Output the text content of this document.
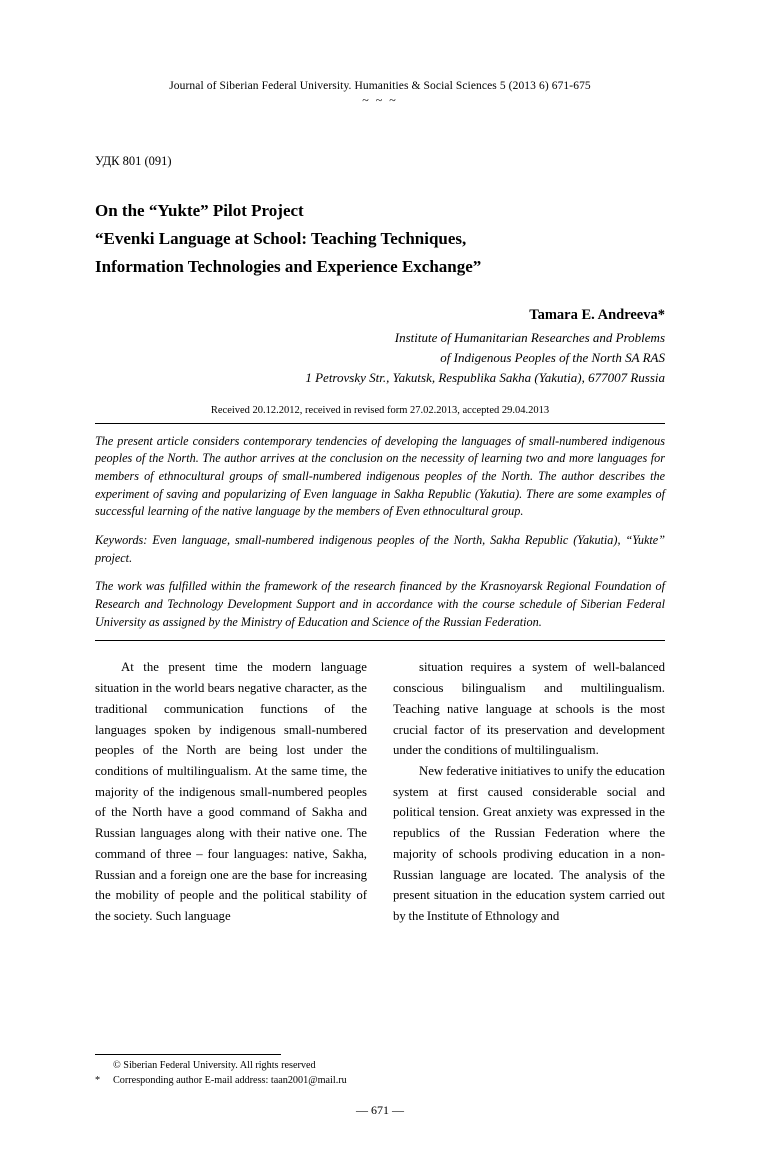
Journal of Siberian Federal University. Humanities & Social Sciences 5 (2013 6) 671-675
~ ~ ~
УДК 801 (091)
On the “Yukte” Pilot Project
“Evenki Language at School: Teaching Techniques,
Information Technologies and Experience Exchange”
Tamara E. Andreeva*
Institute of Humanitarian Researches and Problems
of Indigenous Peoples of the North SA RAS
1 Petrovsky Str., Yakutsk, Respublika Sakha (Yakutia), 677007 Russia
Received 20.12.2012, received in revised form 27.02.2013, accepted 29.04.2013
The present article considers contemporary tendencies of developing the languages of small-numbered indigenous peoples of the North. The author arrives at the conclusion on the necessity of learning two and more languages for members of ethnocultural groups of small-numbered indigenous peoples of the North. The author describes the experiment of saving and popularizing of Even language in Sakha Republic (Yakutia). There are some examples of successful learning of the native language by the members of Even ethnocultural group.
Keywords: Even language, small-numbered indigenous peoples of the North, Sakha Republic (Yakutia), “Yukte” project.
The work was fulfilled within the framework of the research financed by the Krasnoyarsk Regional Foundation of Research and Technology Development Support and in accordance with the course schedule of Siberian Federal University as assigned by the Ministry of Education and Science of the Russian Federation.

At the present time the modern language situation in the world bears negative character, as the traditional communication functions of the languages spoken by indigenous small-numbered peoples of the North are being lost under the conditions of multilingualism. At the same time, the majority of the indigenous small-numbered peoples of the North have a good command of Sakha and Russian languages along with their native one. The command of three – four languages: native, Sakha, Russian and a foreign one are the base for increasing the mobility of people and the political stability of the society. Such language

situation requires a system of well-balanced conscious bilingualism and multilingualism. Teaching native language at schools is the most crucial factor of its preservation and development under the conditions of multilingualism.

New federative initiatives to unify the education system at first caused considerable social and political tension. Great anxiety was expressed in the republics of the Russian Federation where the majority of schools prodiving education in a non-Russian language are located. The analysis of the present situation in the education system carried out by the Institute of Ethnology and

© Siberian Federal University. All rights reserved
* Corresponding author E-mail address: taan2001@mail.ru
— 671 —
